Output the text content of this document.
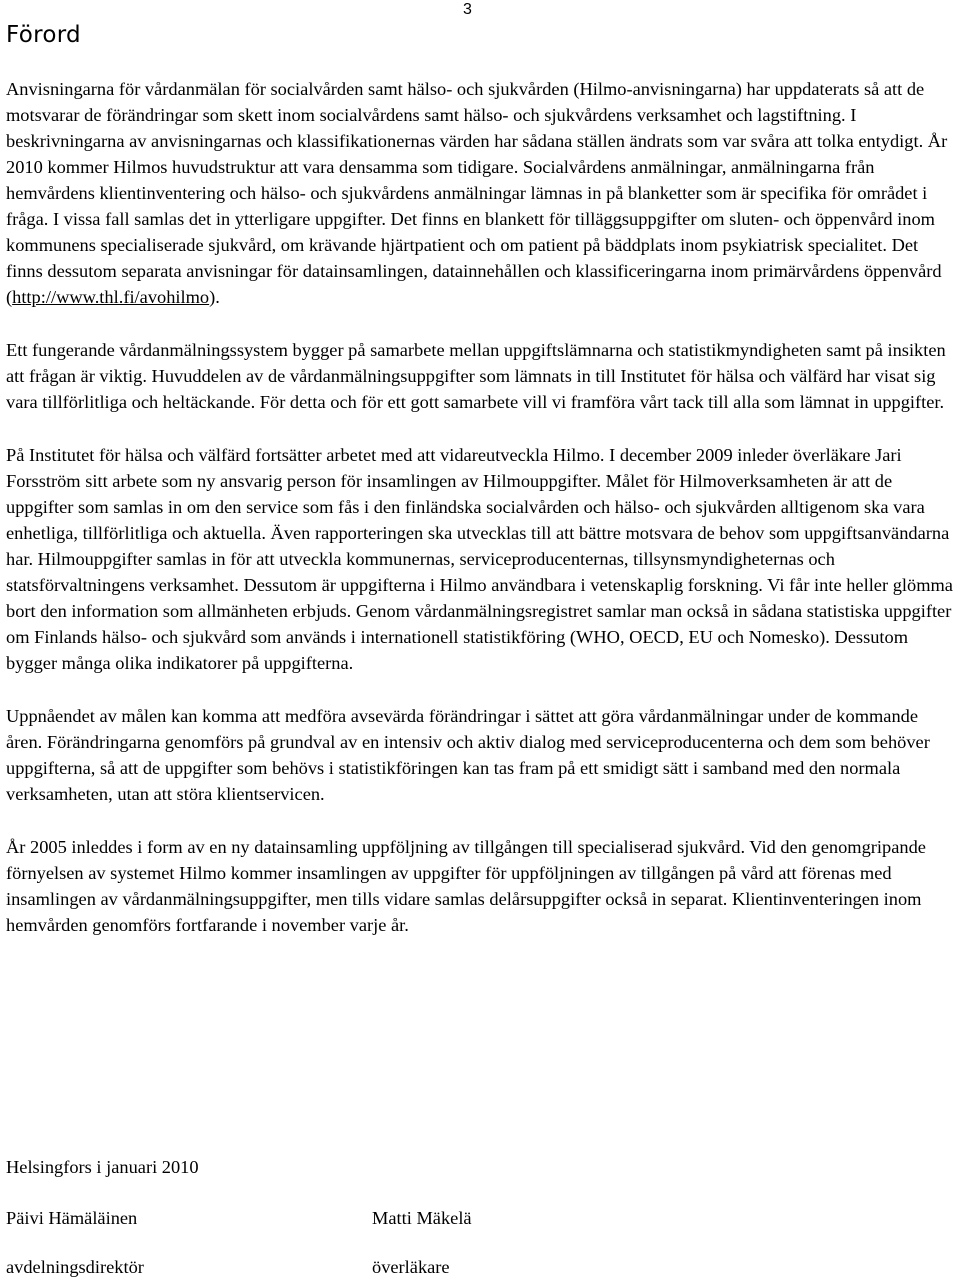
3
Förord

Anvisningarna för vårdanmälan för socialvården samt hälso- och sjukvården (Hilmo-anvisningarna) har uppdaterats så att de motsvarar de förändringar som skett inom socialvårdens samt hälso- och sjukvårdens verksamhet och lagstiftning. I beskrivningarna av anvisningarnas och klassifikationernas värden har sådana ställen ändrats som var svåra att tolka entydigt. År 2010 kommer Hilmos huvudstruktur att vara densamma som tidigare. Socialvårdens anmälningar, anmälningarna från hemvårdens klientinventering och hälso- och sjukvårdens anmälningar lämnas in på blanketter som är specifika för området i fråga. I vissa fall samlas det in ytterligare uppgifter. Det finns en blankett för tilläggsuppgifter om sluten- och öppenvård inom kommunens specialiserade sjukvård, om krävande hjärtpatient och om patient på bäddplats inom psykiatrisk specialitet. Det finns dessutom separata anvisningar för datainsamlingen, datainnehållen och klassificeringarna inom primärvårdens öppenvård (http://www.thl.fi/avohilmo).

Ett fungerande vårdanmälningssystem bygger på samarbete mellan uppgiftslämnarna och statistikmyndigheten samt på insikten att frågan är viktig. Huvuddelen av de vårdanmälningsuppgifter som lämnats in till Institutet för hälsa och välfärd har visat sig vara tillförlitliga och heltäckande. För detta och för ett gott samarbete vill vi framföra vårt tack till alla som lämnat in uppgifter.

På Institutet för hälsa och välfärd fortsätter arbetet med att vidareutveckla Hilmo. I december 2009 inleder överläkare Jari Forsström sitt arbete som ny ansvarig person för insamlingen av Hilmouppgifter. Målet för Hilmoverksamheten är att de uppgifter som samlas in om den service som fås i den finländska socialvården och hälso- och sjukvården alltigenom ska vara enhetliga, tillförlitliga och aktuella. Även rapporteringen ska utvecklas till att bättre motsvara de behov som uppgiftsanvändarna har. Hilmouppgifter samlas in för att utveckla kommunernas, serviceproducenternas, tillsynsmyndigheternas och statsförvaltningens verksamhet. Dessutom är uppgifterna i Hilmo användbara i vetenskaplig forskning. Vi får inte heller glömma bort den information som allmänheten erbjuds. Genom vårdanmälningsregistret samlar man också in sådana statistiska uppgifter om Finlands hälso- och sjukvård som används i internationell statistikföring (WHO, OECD, EU och Nomesko). Dessutom bygger många olika indikatorer på uppgifterna.

Uppnåendet av målen kan komma att medföra avsevärda förändringar i sättet att göra vårdanmälningar under de kommande åren. Förändringarna genomförs på grundval av en intensiv och aktiv dialog med serviceproducenterna och dem som behöver uppgifterna, så att de uppgifter som behövs i statistikföringen kan tas fram på ett smidigt sätt i samband med den normala verksamheten, utan att störa klientservicen.

År 2005 inleddes i form av en ny datainsamling uppföljning av tillgången till specialiserad sjukvård. Vid den genomgripande förnyelsen av systemet Hilmo kommer insamlingen av uppgifter för uppföljningen av tillgången på vård att förenas med insamlingen av vårdanmälningsuppgifter, men tills vidare samlas delårsuppgifter också in separat. Klientinventeringen inom hemvården genomförs fortfarande i november varje år.

Helsingfors i januari 2010
Päivi Hämäläinen	Matti Mäkelä
avdelningsdirektör	överläkare
